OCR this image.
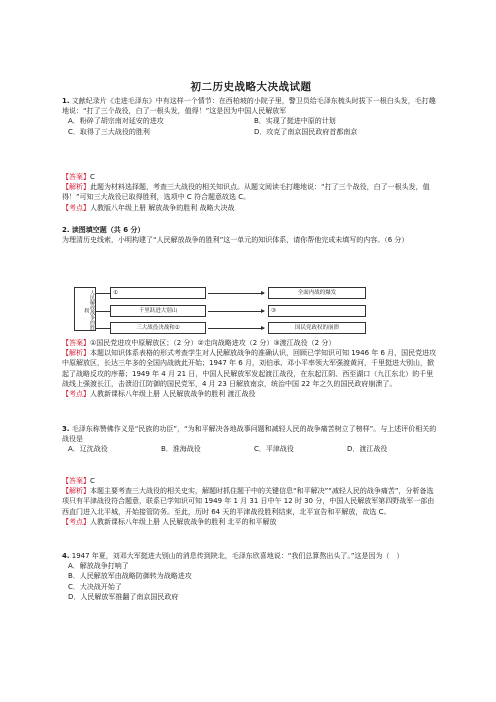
初二历史战略大决战试题

1. 文献纪录片《走进毛泽东》中有这样一个情节：在西柏坡的小院子里，警卫员给毛泽东梳头时拔下一根白头发，毛打趣地说：“打了三个战役，白了一根头发，值得！”这是因为中国人民解放军

A．粉碎了胡宗南对延安的进攻	B．实现了挺进中原的计划
C．取得了三大战役的胜利	D．攻克了南京国民政府首都南京

【答案】C

【解析】此题为材料选择题，考查三大战役的相关知识点。从题文阅读毛打趣地说：“打了三个战役，白了一根头发，值得！”可知三大战役已取得胜利，选项中 C 符合题意故选 C。

【考点】人教版八年级上册 解放战争的胜利 战略大决战

2. 读图填空题（共 6 分）

为理清历史线索，小明构建了“人民解放战争的胜利”这一单元的知识体系，请你帮他完成未填写的内容。（6 分）

人民解放战争的胜利
①	全面内战的爆发
千里跃进大别山	③
三大战役决战和②	国民党政权的崩溃

【答案】①国民党进攻中原解放区；（2 分）②走向战略进攻（2 分）③渡江战役（2 分）

【解析】本题以知识体系表格的形式考查学生对人民解放战争的准确认识，回顾已学知识可知 1946 年 6 月，国民党进攻中原解放区，长达三年多的全国内战就此开始；1947 年 6 月，刘伯承、邓小平率领大军强渡黄河，千里挺进大别山，掀起了战略反攻的序幕；1949 年 4 月 21 日，中国人民解放军发起渡江战役，在东起江阴、西至湖口（九江东北）的千里战线上强渡长江，击溃沿江防御的国民党军，4 月 23 日解放南京，统治中国 22 年之久的国民政府崩溃了。

【考点】人教新课标八年级上册 人民解放战争的胜利 渡江战役

3. 毛泽东称赞佛作义是“民族的功臣”，“为和平解决各地战事问题和减轻人民的战争痛苦树立了榜样”。与上述评价相关的战役是

A．辽沈战役	B．淮海战役	C．平津战役	D．渡江战役

【答案】C

【解析】本题主要考查三大战役的相关史实，解题时抓住题干中的关键信息“和平解决”“减轻人民的战争痛苦”，分析备选项只有平津战役符合题意，联系已学知识可知 1949 年 1 月 31 日中午 12 时 30 分，中国人民解放军第四野战军一部由西直门进入北平城，开始接管防务。至此，历时 64 天的平津战役胜利结束，北平宣告和平解放，故选 C。

【考点】人教新课标八年级上册 人民解放战争的胜利 北平的和平解放

4. 1947 年夏，刘邓大军挺进大别山的消息传到陕北，毛泽东欣喜地说：“我们总算熬出头了。”这是因为（　）

A．解放战争打响了

B．人民解放军由战略防御转为战略进攻

C．大决战开始了

D．人民解放军推翻了南京国民政府
